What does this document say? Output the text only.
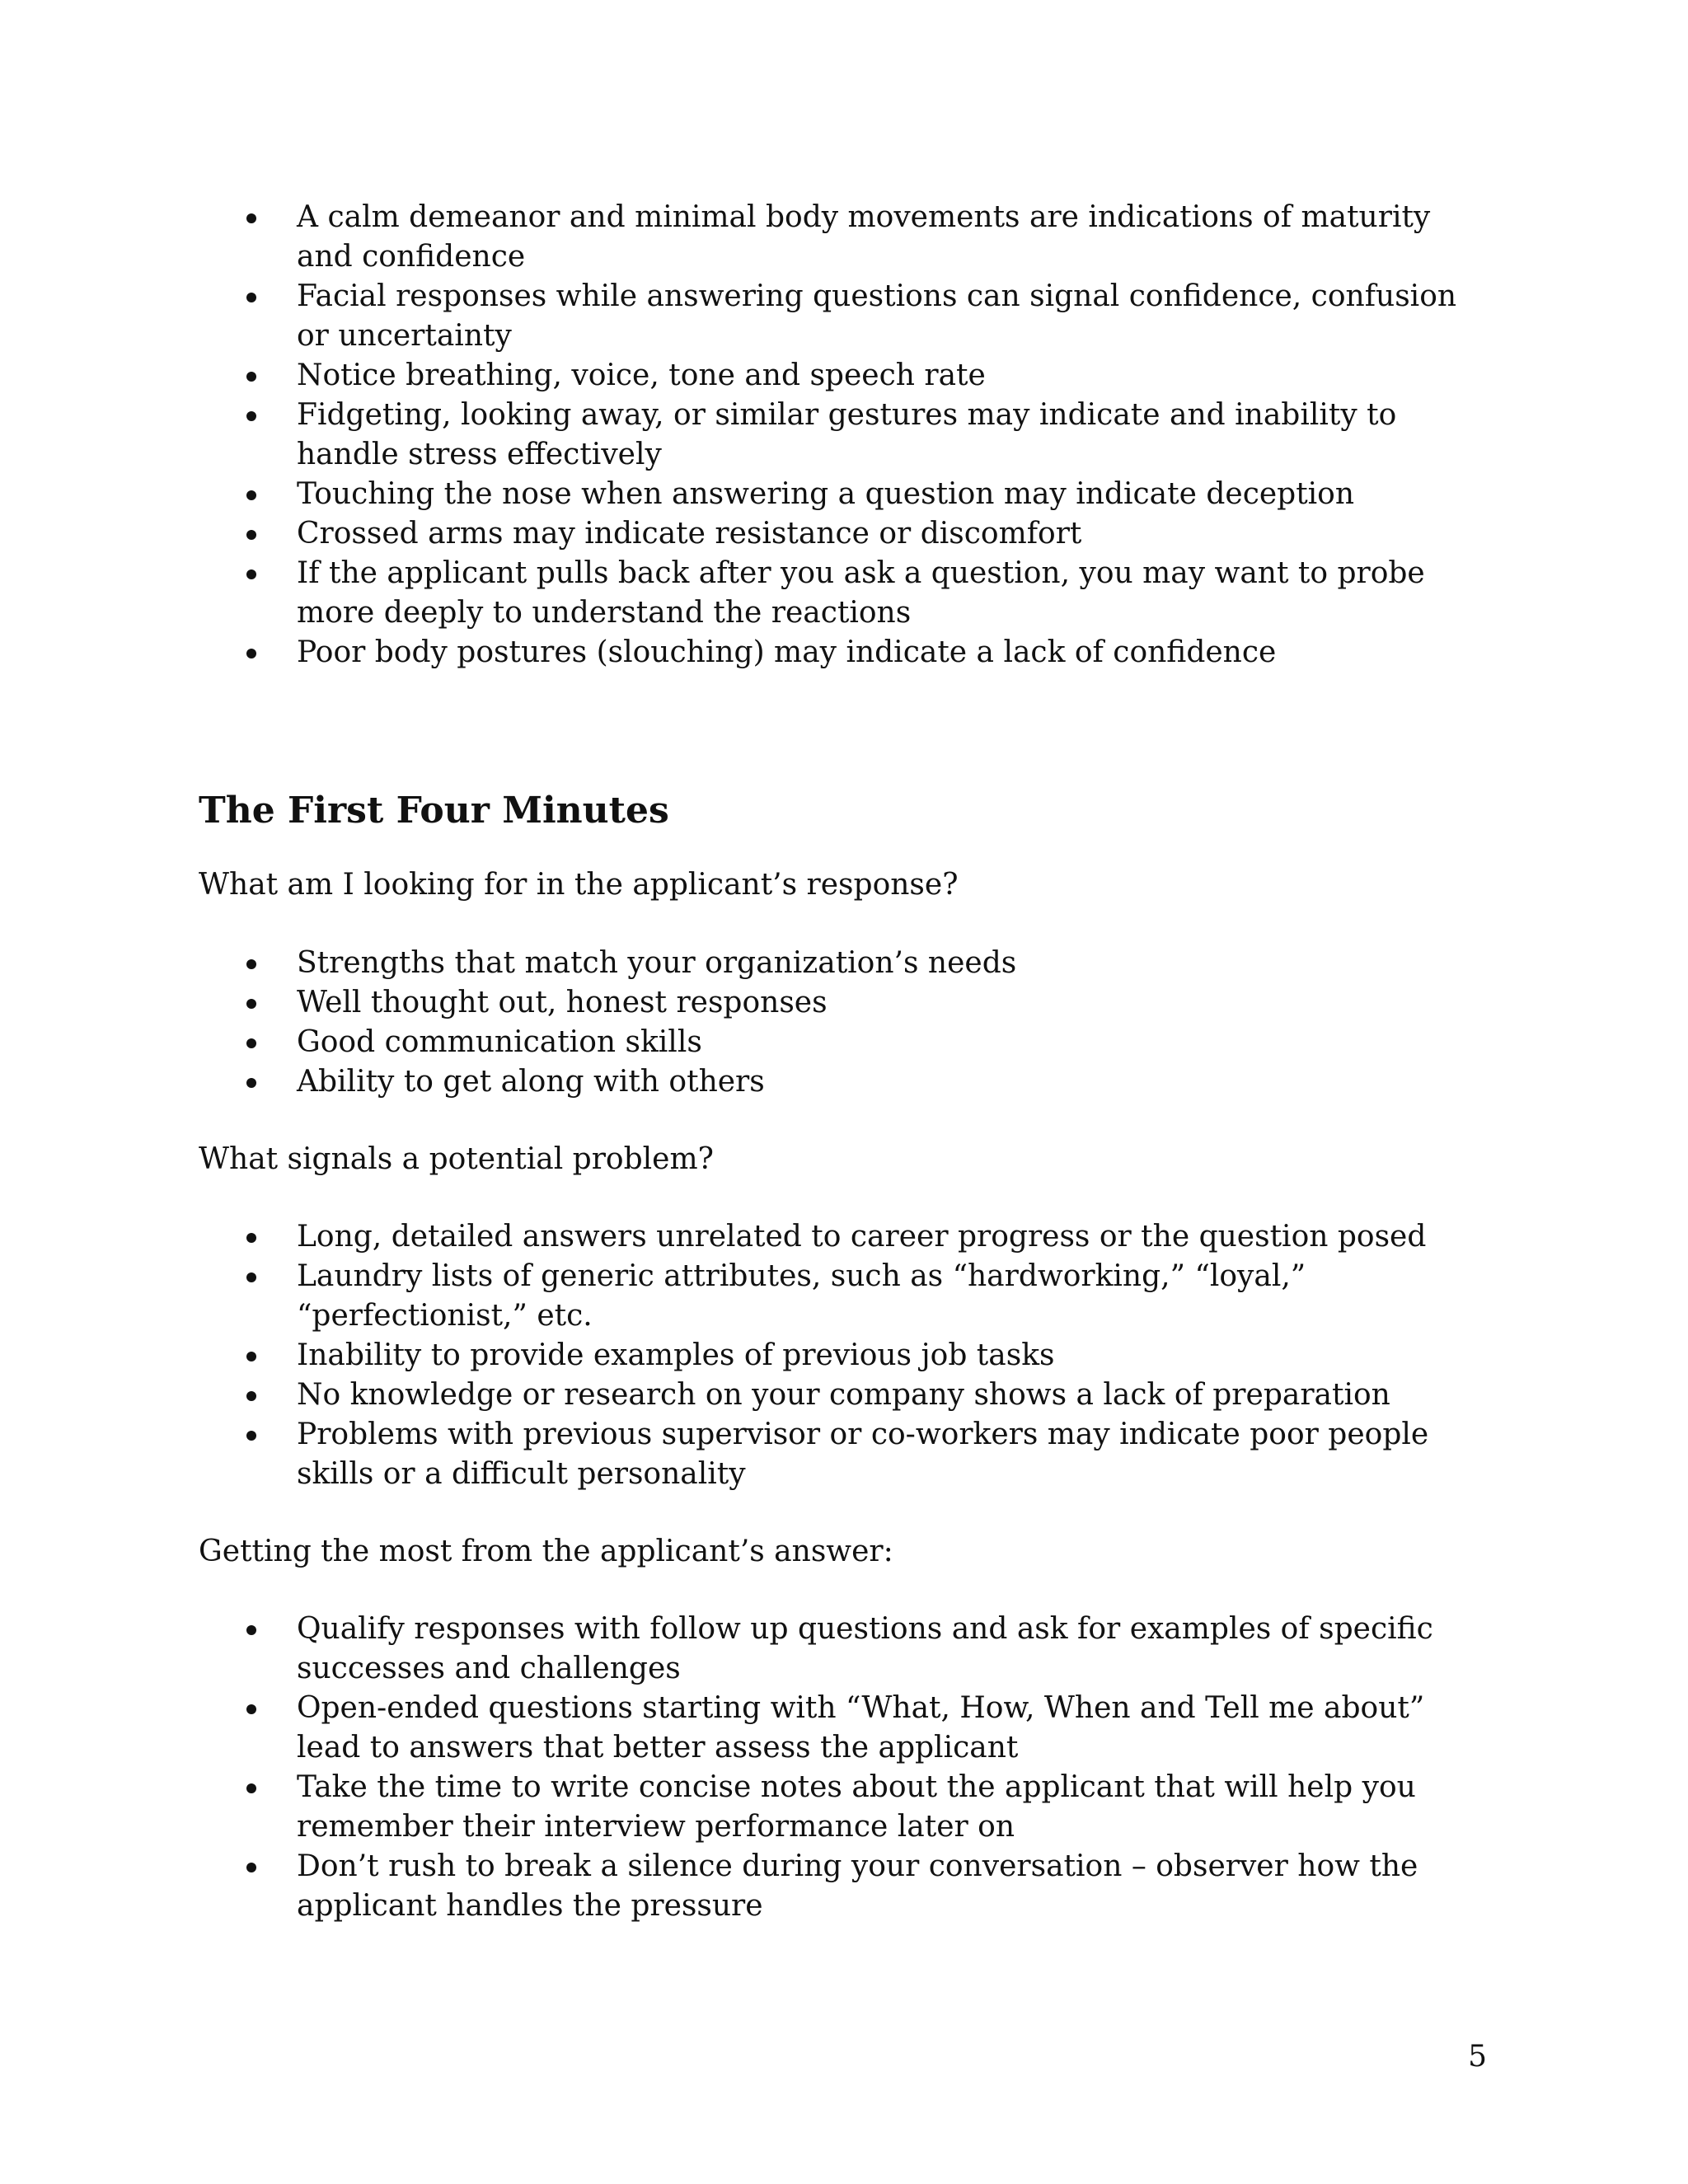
A calm demeanor and minimal body movements are indications of maturity and confidence
Facial responses while answering questions can signal confidence, confusion or uncertainty
Notice breathing, voice, tone and speech rate
Fidgeting, looking away, or similar gestures may indicate and inability to handle stress effectively
Touching the nose when answering a question may indicate deception
Crossed arms may indicate resistance or discomfort
If the applicant pulls back after you ask a question, you may want to probe more deeply to understand the reactions
Poor body postures (slouching) may indicate a lack of confidence
The First Four Minutes

What am I looking for in the applicant’s response?

Strengths that match your organization’s needs
Well thought out, honest responses
Good communication skills
Ability to get along with others

What signals a potential problem?

Long, detailed answers unrelated to career progress or the question posed
Laundry lists of generic attributes, such as “hardworking,” “loyal,” “perfectionist,” etc.
Inability to provide examples of previous job tasks
No knowledge or research on your company shows a lack of preparation
Problems with previous supervisor or co-workers may indicate poor people skills or a difficult personality

Getting the most from the applicant’s answer:

Qualify responses with follow up questions and ask for examples of specific successes and challenges
Open-ended questions starting with “What, How, When and Tell me about” lead to answers that better assess the applicant
Take the time to write concise notes about the applicant that will help you remember their interview performance later on
Don’t rush to break a silence during your conversation – observer how the applicant handles the pressure
5
